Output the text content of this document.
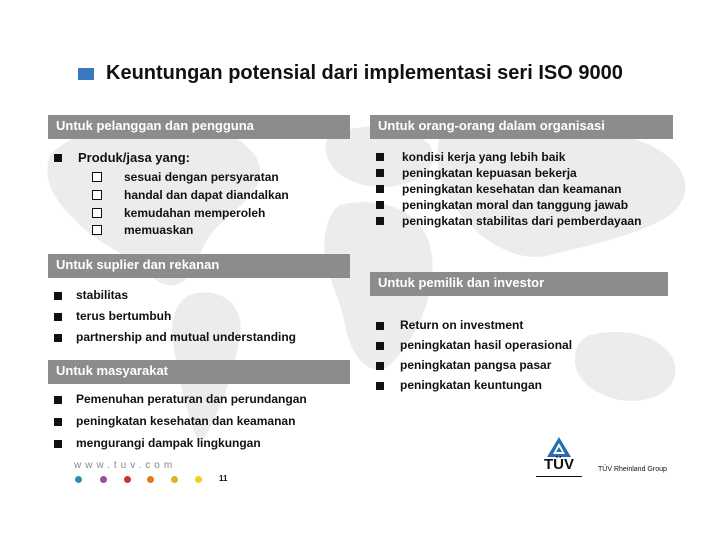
Keuntungan potensial dari implementasi seri ISO 9000
Untuk pelanggan dan pengguna
Produk/jasa yang:
sesuai dengan persyaratan
handal dan dapat diandalkan
kemudahan memperoleh
memuaskan
Untuk suplier dan rekanan
stabilitas
terus bertumbuh
partnership and mutual understanding
Untuk masyarakat
Pemenuhan peraturan dan perundangan
peningkatan kesehatan dan keamanan
mengurangi dampak lingkungan
Untuk orang-orang dalam organisasi
kondisi kerja yang lebih baik
peningkatan kepuasan bekerja
peningkatan kesehatan dan keamanan
peningkatan moral dan tanggung jawab
peningkatan stabilitas dari pemberdayaan
Untuk pemilik dan investor
Return on investment
peningkatan hasil operasional
peningkatan pangsa pasar
peningkatan keuntungan
www.tuv.com
11
TÜV	TÜV Rheinland Group
